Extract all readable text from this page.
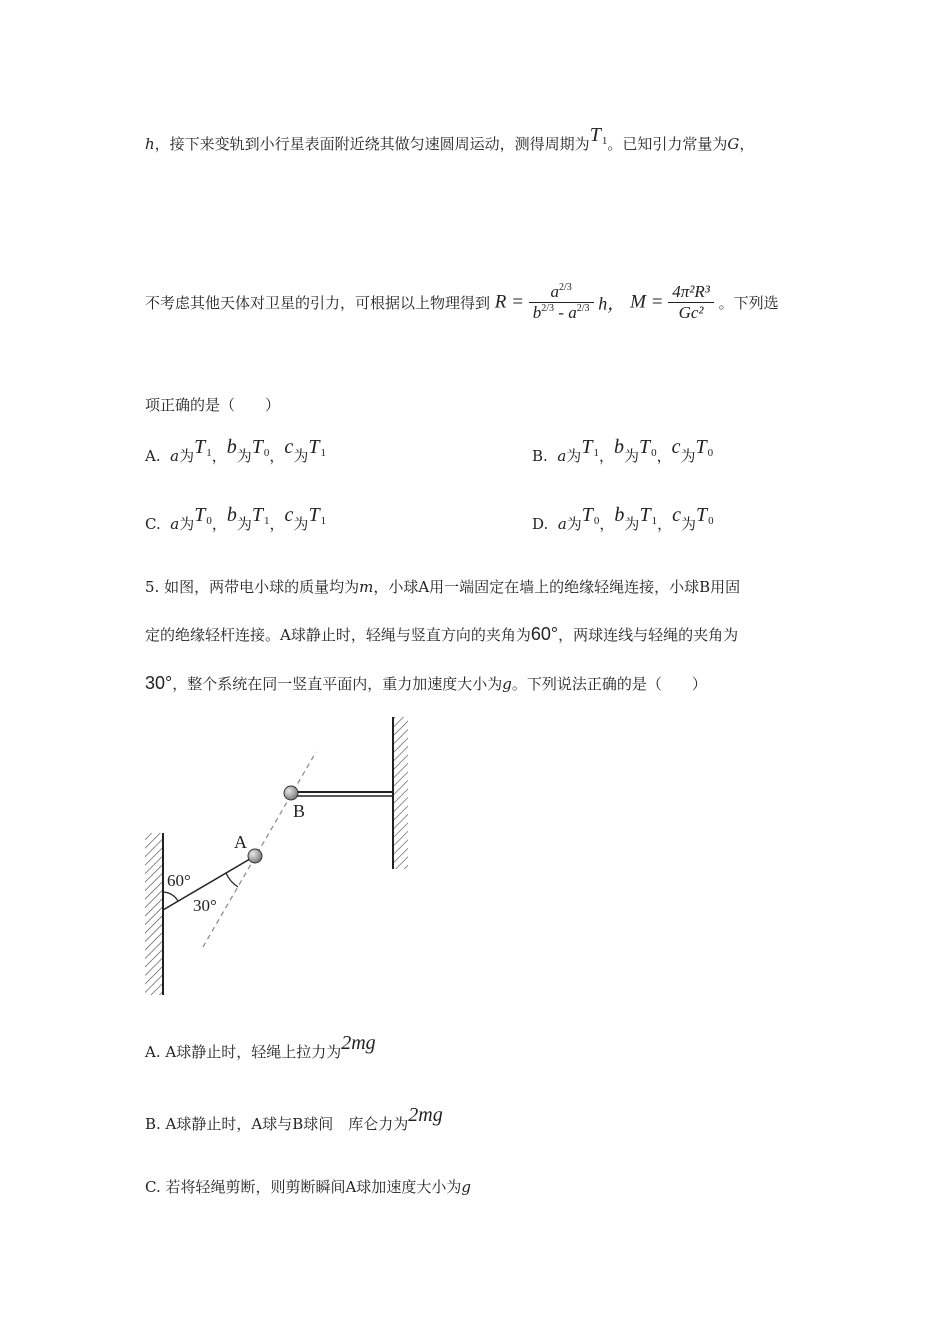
h，接下来变轨到小行星表面附近绕其做匀速圆周运动，测得周期为$T_1$。已知引力常量为G，
不考虑其他天体对卫星的引力，可根据以上物理得到 $R = \frac{a^{2/3}}{b^{2/3} - a^{2/3}}$ h， $M = \frac{\text{4π²R³}}{\text{Gc²}}$ 。下列选
项正确的是（　　）
A. a为$T_1$，b为$T_0$，c为$T_1$	B. a为$T_1$，b为$T_0$，c为$T_0$
C. a为$T_0$，b为$T_1$，c为$T_1$	D. a为$T_0$，b为$T_1$，c为$T_0$
5. 如图，两带电小球的质量均为m，小球A用一端固定在墙上的绝缘轻绳连接，小球B用固
定的绝缘轻杆连接。A球静止时，轻绳与竖直方向的夹角为60°，两球连线与轻绳的夹角为
30°，整个系统在同一竖直平面内，重力加速度大小为g。下列说法正确的是（　　）
A
B
60°
30°
A. A球静止时，轻绳上拉力为2mg
B. A球静止时，A球与B球间　库仑力为2mg
C. 若将轻绳剪断，则剪断瞬间A球加速度大小为g
